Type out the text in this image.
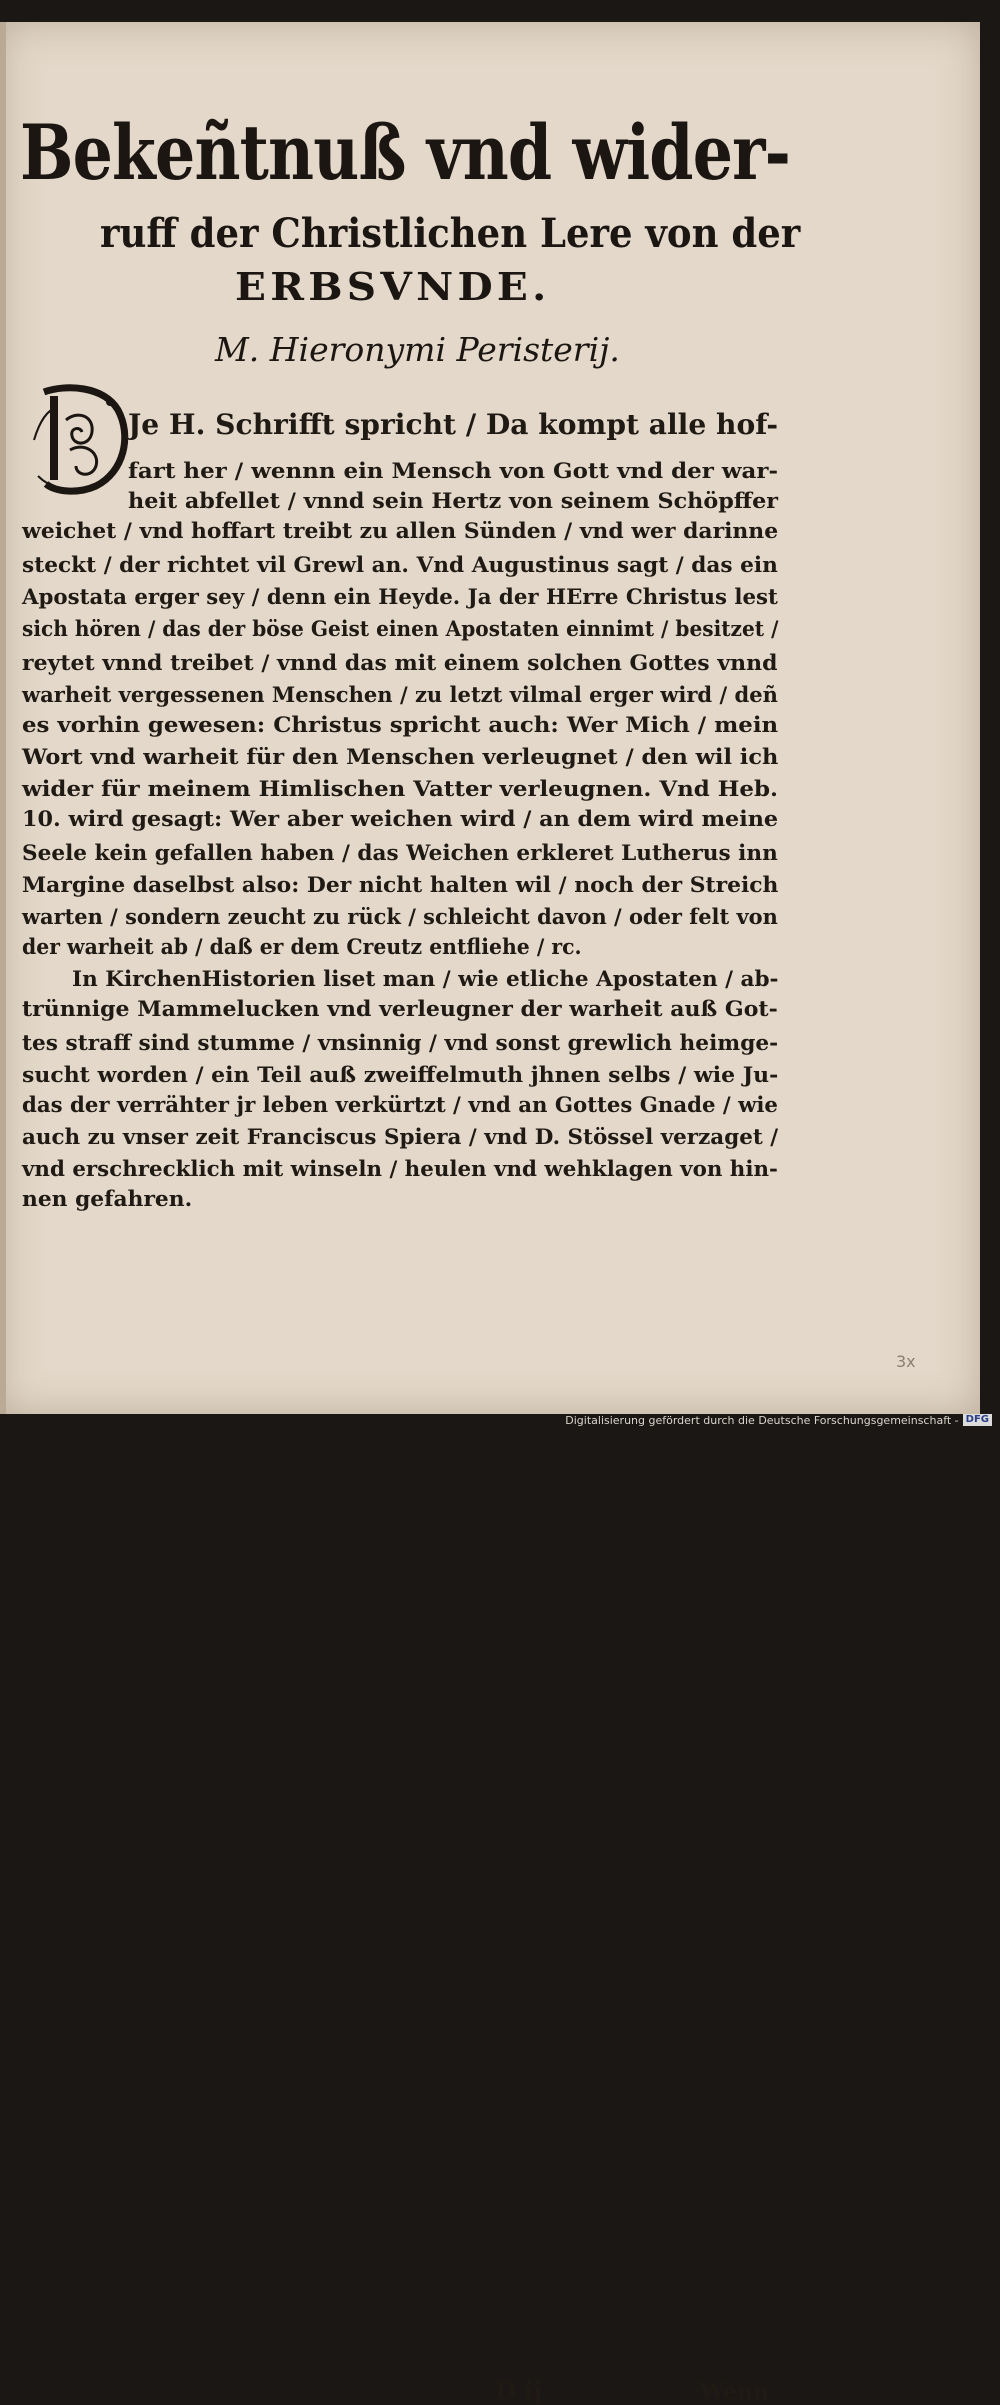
Bekeñtnuß vnd wider-
ruff der Christlichen Lere von der
ERBSVNDE.
M. Hieronymi Peristerij.
Je H. Schrifft spricht / Da kompt alle hof-
fart her / wennn ein Mensch von Gott vnd der war-
heit abfellet / vnnd sein Hertz von seinem Schöpffer
weichet / vnd hoffart treibt zu allen Sünden / vnd wer darinne
steckt / der richtet vil Grewl an. Vnd Augustinus sagt / das ein
Apostata erger sey / denn ein Heyde. Ja der HErre Christus lest
sich hören / das der böse Geist einen Apostaten einnimt / besitzet /
reytet vnnd treibet / vnnd das mit einem solchen Gottes vnnd
warheit vergessenen Menschen / zu letzt vilmal erger wird / deñ
es vorhin gewesen: Christus spricht auch: Wer Mich / mein
Wort vnd warheit für den Menschen verleugnet / den wil ich
wider für meinem Himlischen Vatter verleugnen. Vnd Heb.
10. wird gesagt: Wer aber weichen wird / an dem wird meine
Seele kein gefallen haben / das Weichen erkleret Lutherus inn
Margine daselbst also: Der nicht halten wil / noch der Streich
warten / sondern zeucht zu rück / schleicht davon / oder felt von
der warheit ab / daß er dem Creutz entfliehe / rc.
In KirchenHistorien liset man / wie etliche Apostaten / ab-
trünnige Mammelucken vnd verleugner der warheit auß Got-
tes straff sind stumme / vnsinnig / vnd sonst grewlich heimge-
sucht worden / ein Teil auß zweiffelmuth jhnen selbs / wie Ju-
das der verrähter jr leben verkürtzt / vnd an Gottes Gnade / wie
auch zu vnser zeit Franciscus Spiera / vnd D. Stössel verzaget /
vnd erschrecklich mit winseln / heulen vnd wehklagen von hin-
nen gefahren.
D ij	Wenn
3x
Digitalisierung gefördert durch die Deutsche Forschungsgemeinschaft - DFG
